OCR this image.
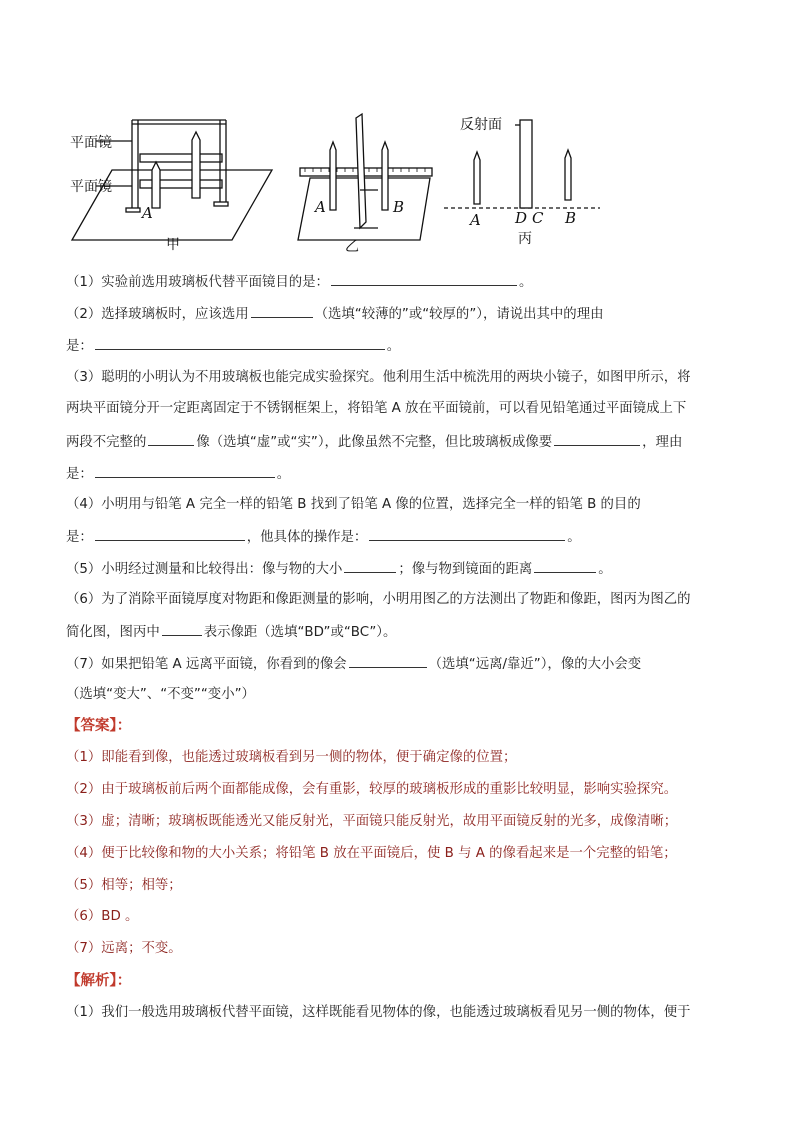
平面镜
平面镜
A
甲
A	B
乙
反射面
A D C B
丙
（1）实验前选用玻璃板代替平面镜目的是：	。
（2）选择玻璃板时，应该选用	（选填“较薄的”或“较厚的”），请说出其中的理由
是：	。
（3）聪明的小明认为不用玻璃板也能完成实验探究。他利用生活中梳洗用的两块小镜子，如图甲所示，将
两块平面镜分开一定距离固定于不锈钢框架上，将铅笔 A 放在平面镜前，可以看见铅笔通过平面镜成上下
两段不完整的	像（选填“虚”或“实”），此像虽然不完整，但比玻璃板成像要	，理由
是：	。
（4）小明用与铅笔 A 完全一样的铅笔 B 找到了铅笔 A 像的位置，选择完全一样的铅笔 B 的目的
是：	，他具体的操作是：	。
（5）小明经过测量和比较得出：像与物的大小	；像与物到镜面的距离	。
（6）为了消除平面镜厚度对物距和像距测量的影响，小明用图乙的方法测出了物距和像距，图丙为图乙的
简化图，图丙中	表示像距（选填“BD”或“BC”）。
（7）如果把铅笔 A 远离平面镜，你看到的像会	（选填“远离/靠近”），像的大小会变
（选填“变大”、“不变”“变小”）
【答案】：
（1）即能看到像，也能透过玻璃板看到另一侧的物体，便于确定像的位置；
（2）由于玻璃板前后两个面都能成像，会有重影，较厚的玻璃板形成的重影比较明显，影响实验探究。
（3）虚；清晰；玻璃板既能透光又能反射光，平面镜只能反射光，故用平面镜反射的光多，成像清晰；
（4）便于比较像和物的大小关系；将铅笔 B 放在平面镜后，使 B 与 A 的像看起来是一个完整的铅笔；
（5）相等；相等；
（6）BD 。
（7）远离；不变。
【解析】：
（1）我们一般选用玻璃板代替平面镜，这样既能看见物体的像，也能透过玻璃板看见另一侧的物体，便于
